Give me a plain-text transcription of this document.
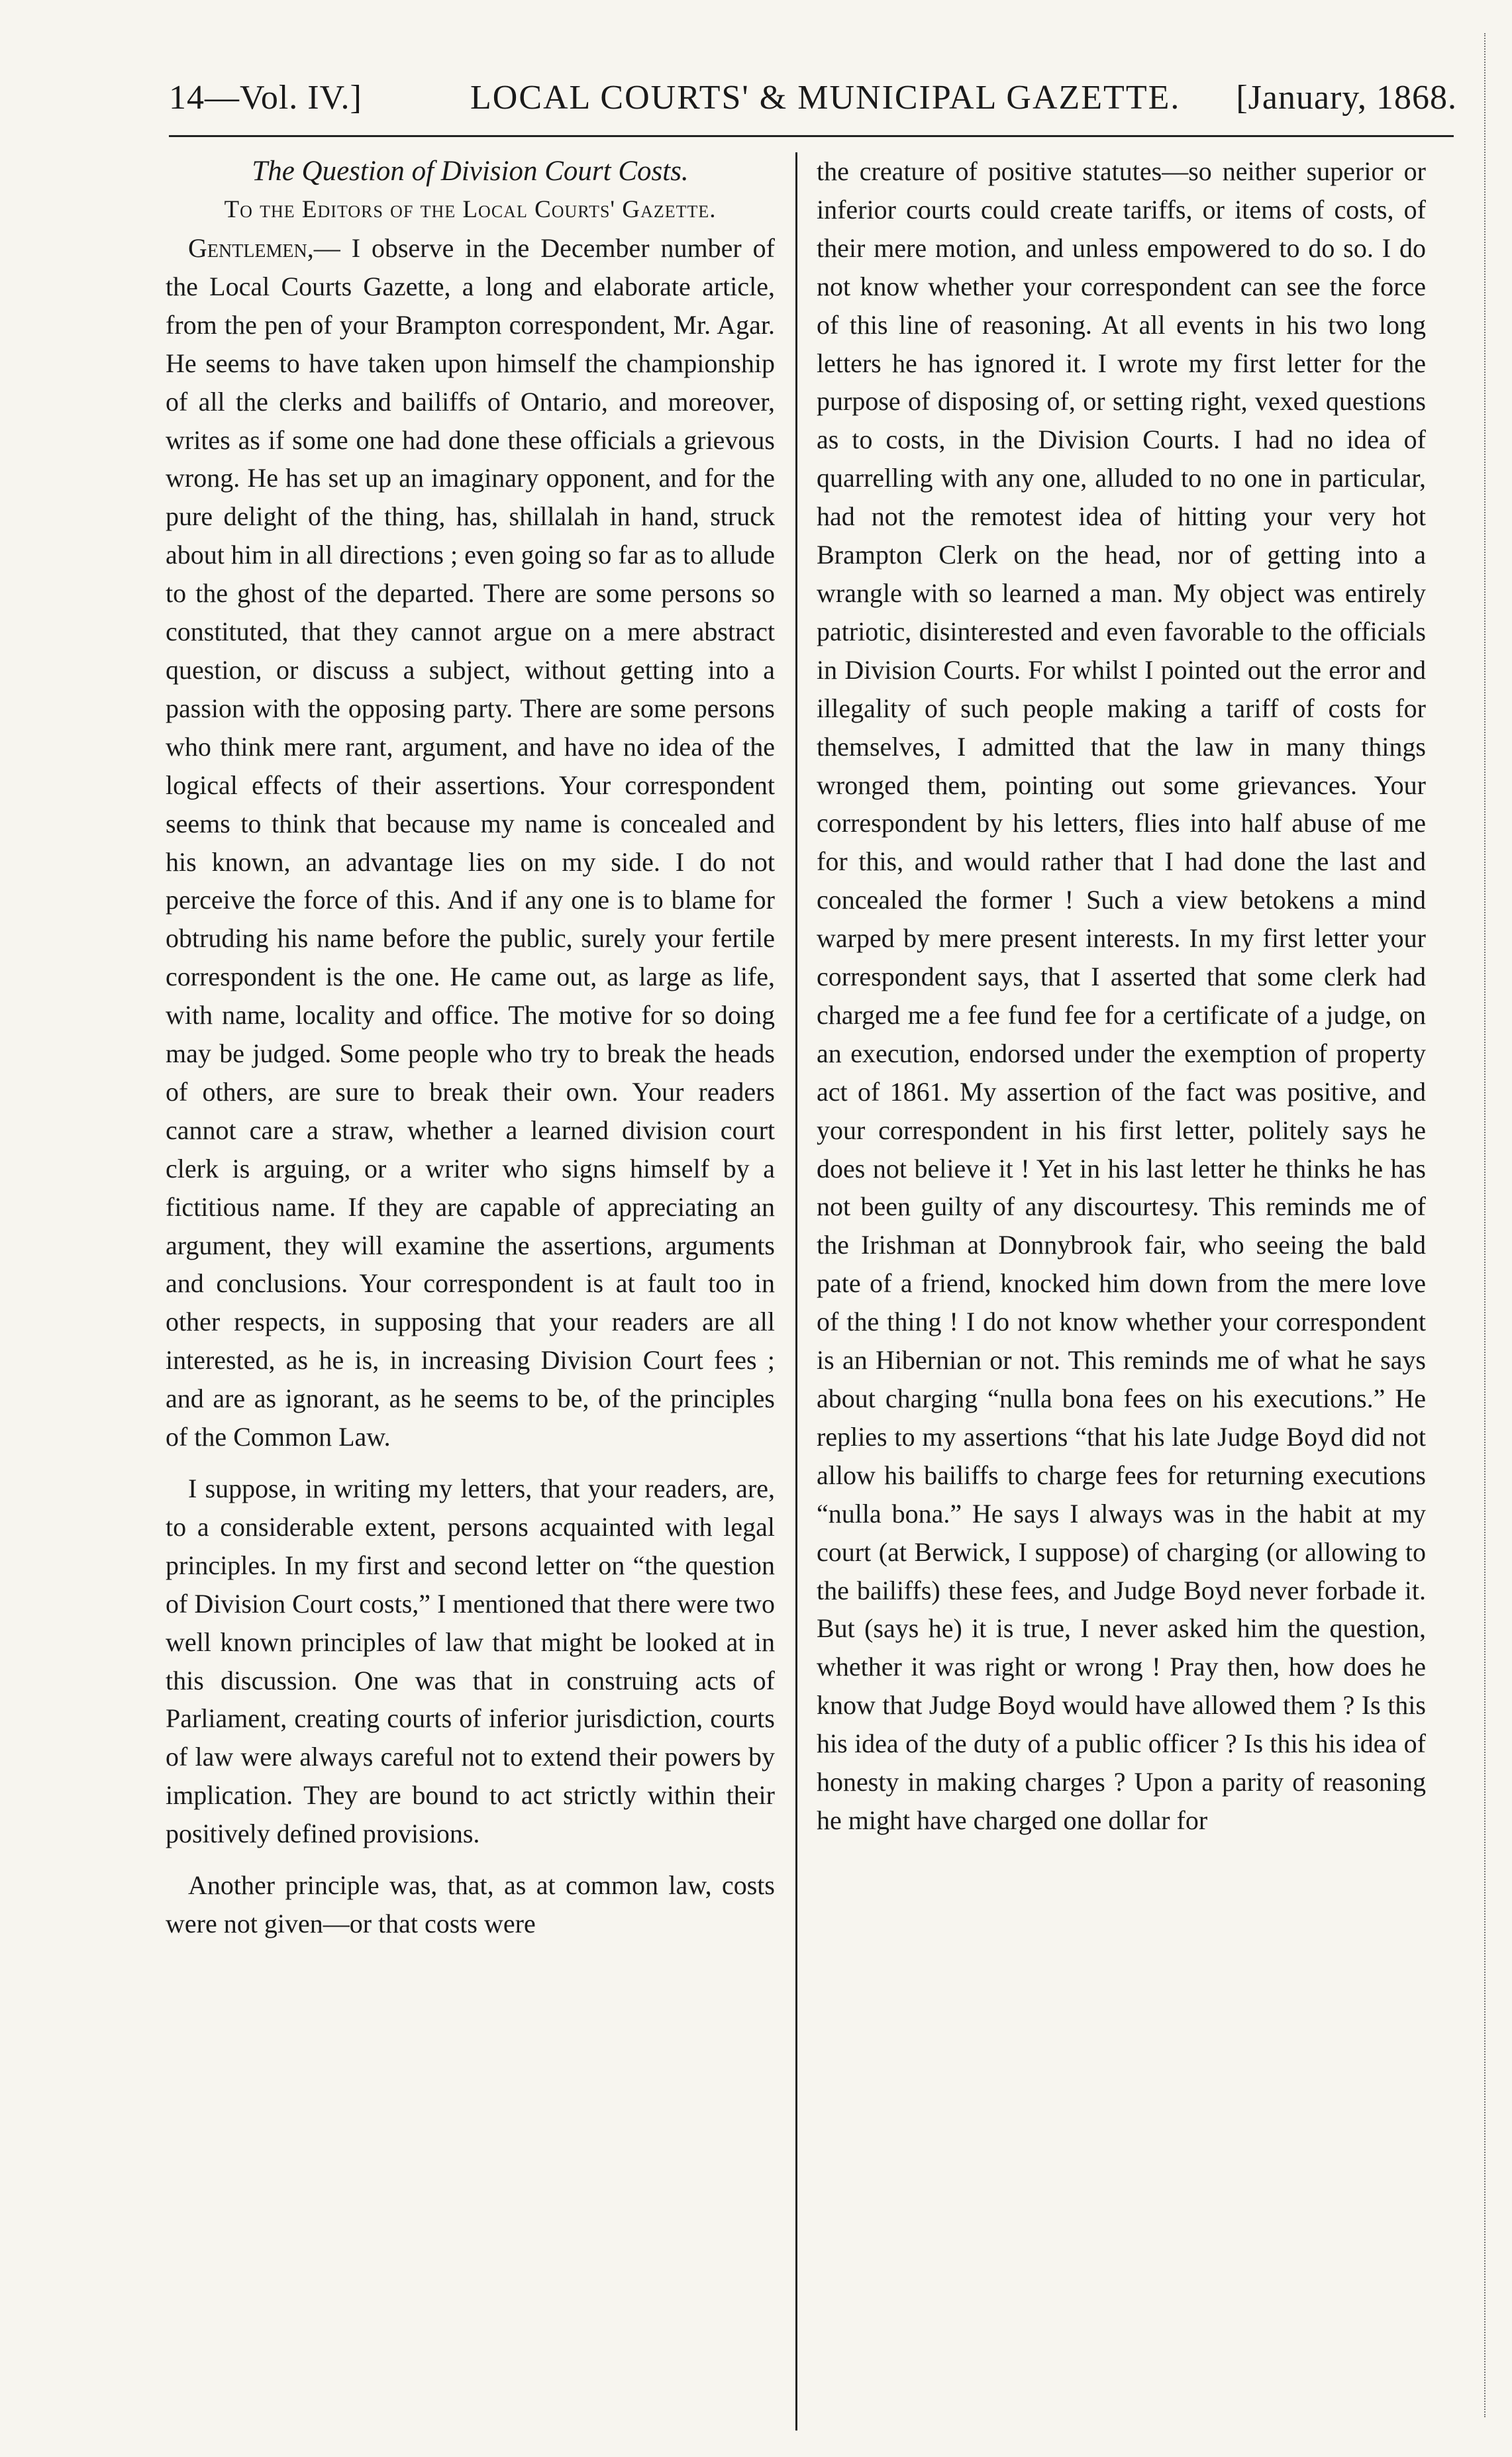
14—Vol. IV.]	LOCAL COURTS' & MUNICIPAL GAZETTE. [January, 1868.

The Question of Division Court Costs.

To the Editors of the Local Courts' Gazette.

Gentlemen,— I observe in the December number of the Local Courts Gazette, a long and elaborate article, from the pen of your Brampton correspondent, Mr. Agar. He seems to have taken upon himself the championship of all the clerks and bailiffs of Ontario, and moreover, writes as if some one had done these officials a grievous wrong. He has set up an imaginary opponent, and for the pure delight of the thing, has, shillalah in hand, struck about him in all directions ; even going so far as to allude to the ghost of the departed. There are some persons so constituted, that they cannot argue on a mere abstract question, or discuss a subject, without getting into a passion with the opposing party. There are some persons who think mere rant, argument, and have no idea of the logical effects of their assertions. Your correspondent seems to think that because my name is concealed and his known, an advantage lies on my side. I do not perceive the force of this. And if any one is to blame for obtruding his name before the public, surely your fertile correspondent is the one. He came out, as large as life, with name, locality and office. The motive for so doing may be judged. Some people who try to break the heads of others, are sure to break their own. Your readers cannot care a straw, whether a learned division court clerk is arguing, or a writer who signs himself by a fictitious name. If they are capable of appreciating an argument, they will examine the assertions, arguments and conclusions. Your correspondent is at fault too in other respects, in supposing that your readers are all interested, as he is, in increasing Division Court fees ; and are as ignorant, as he seems to be, of the principles of the Common Law.

I suppose, in writing my letters, that your readers, are, to a considerable extent, persons acquainted with legal principles. In my first and second letter on “the question of Division Court costs,” I mentioned that there were two well known principles of law that might be looked at in this discussion. One was that in construing acts of Parliament, creating courts of inferior jurisdiction, courts of law were always careful not to extend their powers by implication. They are bound to act strictly within their positively defined provisions.

Another principle was, that, as at common law, costs were not given—or that costs were

the creature of positive statutes—so neither superior or inferior courts could create tariffs, or items of costs, of their mere motion, and unless empowered to do so. I do not know whether your correspondent can see the force of this line of reasoning. At all events in his two long letters he has ignored it. I wrote my first letter for the purpose of disposing of, or setting right, vexed questions as to costs, in the Division Courts. I had no idea of quarrelling with any one, alluded to no one in particular, had not the remotest idea of hitting your very hot Brampton Clerk on the head, nor of getting into a wrangle with so learned a man. My object was entirely patriotic, disinterested and even favorable to the officials in Division Courts. For whilst I pointed out the error and illegality of such people making a tariff of costs for themselves, I admitted that the law in many things wronged them, pointing out some grievances. Your correspondent by his letters, flies into half abuse of me for this, and would rather that I had done the last and concealed the former ! Such a view betokens a mind warped by mere present interests. In my first letter your correspondent says, that I asserted that some clerk had charged me a fee fund fee for a certificate of a judge, on an execution, endorsed under the exemption of property act of 1861. My assertion of the fact was positive, and your correspondent in his first letter, politely says he does not believe it ! Yet in his last letter he thinks he has not been guilty of any discourtesy. This reminds me of the Irishman at Donnybrook fair, who seeing the bald pate of a friend, knocked him down from the mere love of the thing ! I do not know whether your correspondent is an Hibernian or not. This reminds me of what he says about charging “nulla bona fees on his executions.” He replies to my assertions “that his late Judge Boyd did not allow his bailiffs to charge fees for returning executions “nulla bona.” He says I always was in the habit at my court (at Berwick, I suppose) of charging (or allowing to the bailiffs) these fees, and Judge Boyd never forbade it. But (says he) it is true, I never asked him the question, whether it was right or wrong ! Pray then, how does he know that Judge Boyd would have allowed them ? Is this his idea of the duty of a public officer ? Is this his idea of honesty in making charges ? Upon a parity of reasoning he might have charged one dollar for
